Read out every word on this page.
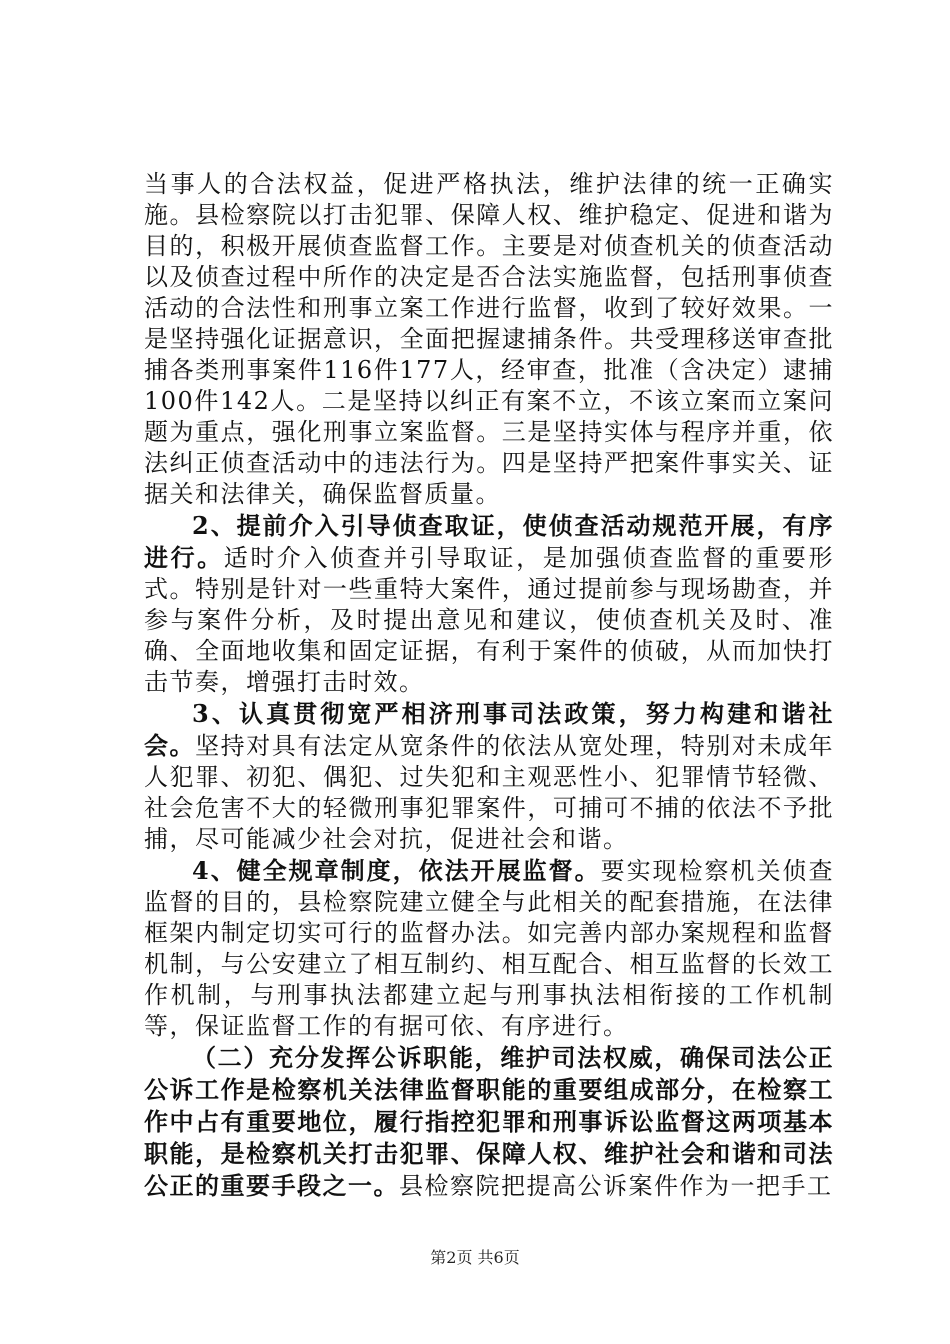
当事人的合法权益，促进严格执法，维护法律的统一正确实施。县检察院以打击犯罪、保障人权、维护稳定、促进和谐为目的，积极开展侦查监督工作。主要是对侦查机关的侦查活动以及侦查过程中所作的决定是否合法实施监督，包括刑事侦查活动的合法性和刑事立案工作进行监督，收到了较好效果。一是坚持强化证据意识，全面把握逮捕条件。共受理移送审查批捕各类刑事案件116件177人，经审查，批准（含决定）逮捕100件142人。二是坚持以纠正有案不立，不该立案而立案问题为重点，强化刑事立案监督。三是坚持实体与程序并重，依法纠正侦查活动中的违法行为。四是坚持严把案件事实关、证据关和法律关，确保监督质量。

2、提前介入引导侦查取证，使侦查活动规范开展，有序进行。适时介入侦查并引导取证，是加强侦查监督的重要形式。特别是针对一些重特大案件，通过提前参与现场勘查，并参与案件分析，及时提出意见和建议，使侦查机关及时、准确、全面地收集和固定证据，有利于案件的侦破，从而加快打击节奏，增强打击时效。

3、认真贯彻宽严相济刑事司法政策，努力构建和谐社会。坚持对具有法定从宽条件的依法从宽处理，特别对未成年人犯罪、初犯、偶犯、过失犯和主观恶性小、犯罪情节轻微、社会危害不大的轻微刑事犯罪案件，可捕可不捕的依法不予批捕，尽可能减少社会对抗，促进社会和谐。

4、健全规章制度，依法开展监督。要实现检察机关侦查监督的目的，县检察院建立健全与此相关的配套措施，在法律框架内制定切实可行的监督办法。如完善内部办案规程和监督机制，与公安建立了相互制约、相互配合、相互监督的长效工作机制，与刑事执法都建立起与刑事执法相衔接的工作机制等，保证监督工作的有据可依、有序进行。

（二）充分发挥公诉职能，维护司法权威，确保司法公正公诉工作是检察机关法律监督职能的重要组成部分，在检察工作中占有重要地位，履行指控犯罪和刑事诉讼监督这两项基本职能，是检察机关打击犯罪、保障人权、维护社会和谐和司法公正的重要手段之一。县检察院把提高公诉案件作为一把手工

第2页 共6页
